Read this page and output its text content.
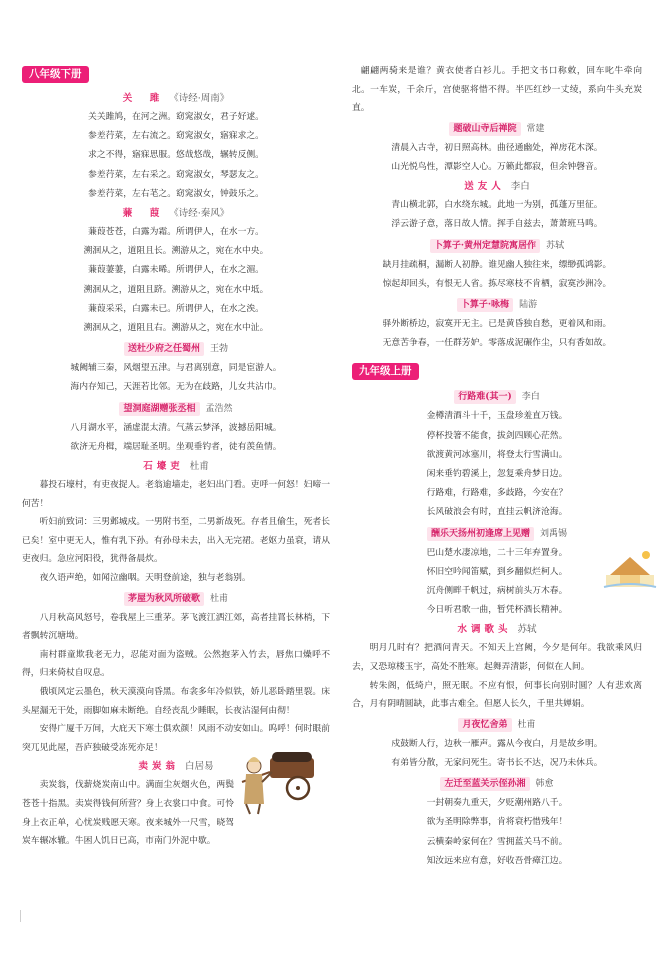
八年级下册
关　雎 《诗经·周南》
关关雎鸠，在河之洲。窈窕淑女，君子好逑。
参差荇菜，左右流之。窈窕淑女，寤寐求之。
求之不得，寤寐思服。悠哉悠哉，辗转反侧。
参差荇菜，左右采之。窈窕淑女，琴瑟友之。
参差荇菜，左右芼之。窈窕淑女，钟鼓乐之。
蒹　葭 《诗经·秦风》
蒹葭苍苍，白露为霜。所谓伊人，在水一方。
溯洄从之，道阻且长。溯游从之，宛在水中央。
蒹葭萋萋，白露未晞。所谓伊人，在水之湄。
溯洄从之，道阻且跻。溯游从之，宛在水中坻。
蒹葭采采，白露未已。所谓伊人，在水之涘。
溯洄从之，道阻且右。溯游从之，宛在水中沚。
送杜少府之任蜀州 王勃
城阙辅三秦，风烟望五津。与君离别意，同是宦游人。
海内存知己，天涯若比邻。无为在歧路，儿女共沾巾。
望洞庭湖赠张丞相 孟浩然
八月湖水平，涵虚混太清。气蒸云梦泽，波撼岳阳城。
欲济无舟楫，端居耻圣明。坐观垂钓者，徒有羡鱼情。
石壕吏 杜甫

暮投石壕村，有吏夜捉人。老翁逾墙走，老妇出门看。吏呼一何怒！妇啼一何苦！

听妇前致词：三男邺城戍。一男附书至，二男新战死。存者且偷生，死者长已矣！室中更无人，惟有乳下孙。有孙母未去，出入无完裙。老妪力虽衰，请从吏夜归。急应河阳役，犹得备晨炊。

夜久语声绝，如闻泣幽咽。天明登前途，独与老翁别。

茅屋为秋风所破歌 杜甫

八月秋高风怒号，卷我屋上三重茅。茅飞渡江洒江郊，高者挂罥长林梢，下者飘转沉塘坳。

南村群童欺我老无力，忍能对面为盗贼。公然抱茅入竹去，唇焦口燥呼不得，归来倚杖自叹息。

俄顷风定云墨色，秋天漠漠向昏黑。布衾多年冷似铁，娇儿恶卧踏里裂。床头屋漏无干处，雨脚如麻未断绝。自经丧乱少睡眠，长夜沾湿何由彻！

安得广厦千万间，大庇天下寒士俱欢颜！风雨不动安如山。呜呼！何时眼前突兀见此屋，吾庐独破受冻死亦足！

卖炭翁 白居易

卖炭翁，伐薪烧炭南山中。满面尘灰烟火色，两鬓苍苍十指黑。卖炭得钱何所营？身上衣裳口中食。可怜身上衣正单，心忧炭贱愿天寒。夜来城外一尺雪，晓驾炭车辗冰辙。牛困人饥日已高，市南门外泥中歇。

翩翩两骑来是谁？黄衣使者白衫儿。手把文书口称敕，回车叱牛牵向北。一车炭，千余斤，宫使驱将惜不得。半匹红纱一丈绫，系向牛头充炭直。

题破山寺后禅院 常建
清晨入古寺，初日照高林。曲径通幽处，禅房花木深。
山光悦鸟性，潭影空人心。万籁此都寂，但余钟磬音。
送友人 李白
青山横北郭，白水绕东城。此地一为别，孤蓬万里征。
浮云游子意，落日故人情。挥手自兹去，萧萧班马鸣。
卜算子·黄州定慧院寓居作 苏轼
缺月挂疏桐，漏断人初静。谁见幽人独往来，缥缈孤鸿影。
惊起却回头，有恨无人省。拣尽寒枝不肯栖，寂寞沙洲冷。
卜算子·咏梅 陆游
驿外断桥边，寂寞开无主。已是黄昏独自愁，更着风和雨。
无意苦争春，一任群芳妒。零落成泥碾作尘，只有香如故。
九年级上册
行路难(其一) 李白
金樽清酒斗十千，玉盘珍羞直万钱。
停杯投箸不能食，拔剑四顾心茫然。
欲渡黄河冰塞川，将登太行雪满山。
闲来垂钓碧溪上，忽复乘舟梦日边。
行路难，行路难，多歧路，今安在？
长风破浪会有时，直挂云帆济沧海。
酬乐天扬州初逢席上见赠 刘禹锡
巴山楚水凄凉地，二十三年弃置身。
怀旧空吟闻笛赋，到乡翻似烂柯人。
沉舟侧畔千帆过，病树前头万木春。
今日听君歌一曲，暂凭杯酒长精神。
水调歌头 苏轼

明月几时有？把酒问青天。不知天上宫阙，今夕是何年。我欲乘风归去，又恐琼楼玉宇，高处不胜寒。起舞弄清影，何似在人间。

转朱阁，低绮户，照无眠。不应有恨，何事长向别时圆？人有悲欢离合，月有阴晴圆缺，此事古难全。但愿人长久，千里共婵娟。

月夜忆舍弟 杜甫
戍鼓断人行，边秋一雁声。露从今夜白，月是故乡明。
有弟皆分散，无家问死生。寄书长不达，况乃未休兵。
左迁至蓝关示侄孙湘 韩愈
一封朝奏九重天，夕贬潮州路八千。
欲为圣明除弊事，肯将衰朽惜残年！
云横秦岭家何在？雪拥蓝关马不前。
知汝远来应有意，好收吾骨瘴江边。
